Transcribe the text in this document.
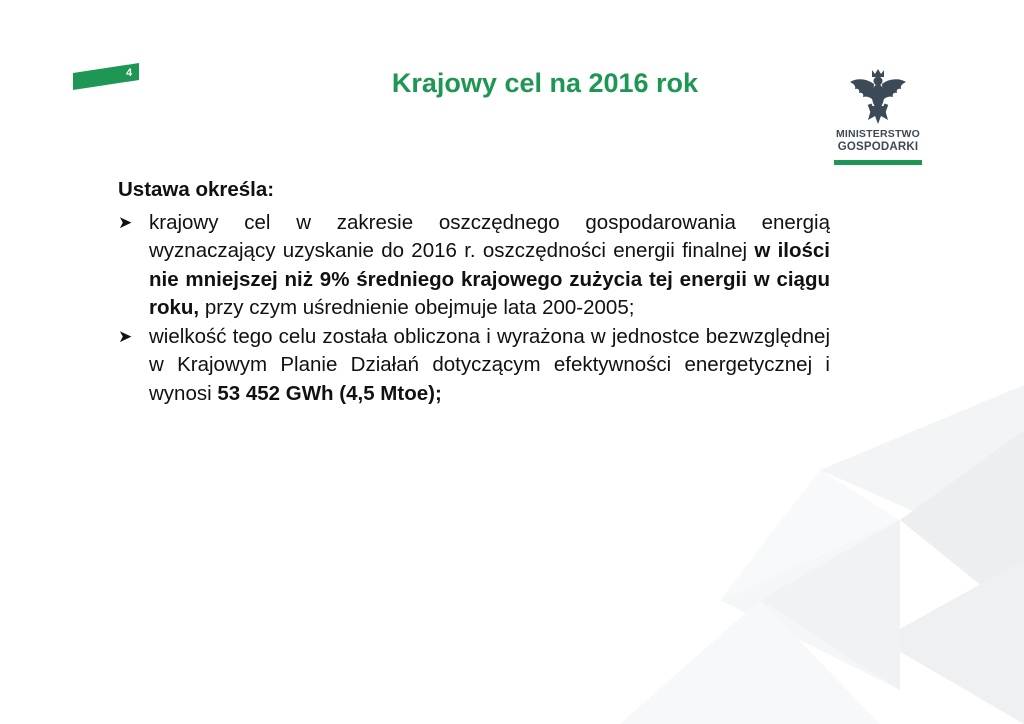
4	Krajowy cel na 2016 rok
MINISTERSTWO
GOSPODARKI

Ustawa określa:

➤ krajowy cel w zakresie oszczędnego gospodarowania energią wyznaczający uzyskanie do 2016 r. oszczędności energii finalnej w ilości nie mniejszej niż 9% średniego krajowego zużycia tej energii w ciągu roku, przy czym uśrednienie obejmuje lata 200-2005;

➤ wielkość tego celu została obliczona i wyrażona w jednostce bezwzględnej w Krajowym Planie Działań dotyczącym efektywności energetycznej i wynosi 53 452 GWh (4,5 Mtoe);
